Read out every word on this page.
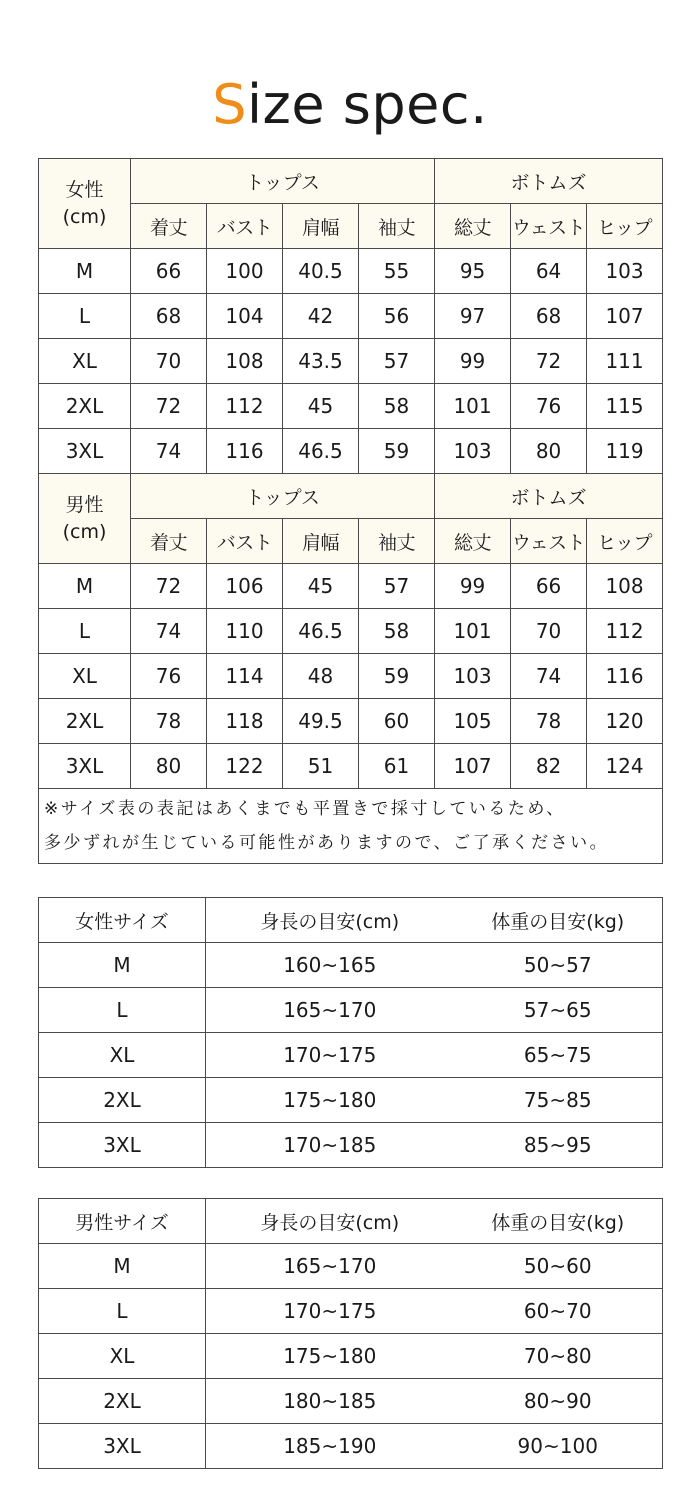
Size spec.
女性
(cm)	トップス				ボトムズ		
	着丈	バスト	肩幅	袖丈	総丈	ウェスト	ヒップ
M	66	100	40.5	55	95	64	103
L	68	104	42	56	97	68	107
XL	70	108	43.5	57	99	72	111
2XL	72	112	45	58	101	76	115
3XL	74	116	46.5	59	103	80	119
男性
(cm)	トップス				ボトムズ		
	着丈	バスト	肩幅	袖丈	総丈	ウェスト	ヒップ
M	72	106	45	57	99	66	108
L	74	110	46.5	58	101	70	112
XL	76	114	48	59	103	74	116
2XL	78	118	49.5	60	105	78	120
3XL	80	122	51	61	107	82	124
※サイズ表の表記はあくまでも平置きで採寸しているため、
多少ずれが生じている可能性がありますので、ご了承ください。							
女性サイズ	身長の目安(cm)	体重の目安(kg)
M	160~165	50~57
L	165~170	57~65
XL	170~175	65~75
2XL	175~180	75~85
3XL	170~185	85~95
男性サイズ	身長の目安(cm)	体重の目安(kg)
M	165~170	50~60
L	170~175	60~70
XL	175~180	70~80
2XL	180~185	80~90
3XL	185~190	90~100
